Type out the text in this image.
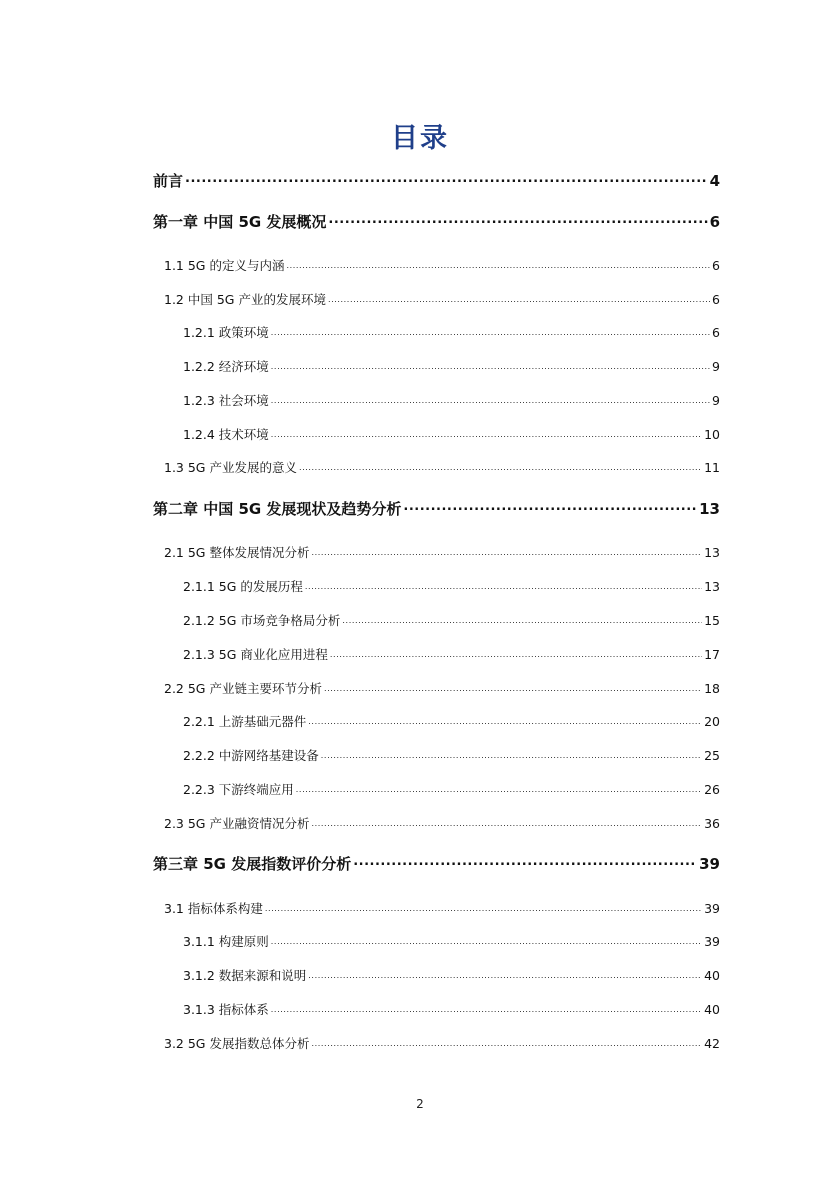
目录
前言 .....	4
第一章 中国 5G 发展概况 .....	6
1.1 5G 的定义与内涵 .....	6
1.2 中国 5G 产业的发展环境 .....	6
1.2.1 政策环境 .....	6
1.2.2 经济环境 .....	9
1.2.3 社会环境 .....	9
1.2.4 技术环境 .....	10
1.3 5G 产业发展的意义 .....	11
第二章 中国 5G 发展现状及趋势分析 .....	13
2.1 5G 整体发展情况分析 .....	13
2.1.1 5G 的发展历程 .....	13
2.1.2 5G 市场竞争格局分析 .....	15
2.1.3 5G 商业化应用进程 .....	17
2.2 5G 产业链主要环节分析 .....	18
2.2.1 上游基础元器件 .....	20
2.2.2 中游网络基建设备 .....	25
2.2.3 下游终端应用 .....	26
2.3 5G 产业融资情况分析 .....	36
第三章 5G 发展指数评价分析 .....	39
3.1 指标体系构建 .....	39
3.1.1 构建原则 .....	39
3.1.2 数据来源和说明 .....	40
3.1.3 指标体系 .....	40
3.2 5G 发展指数总体分析 .....	42
2
